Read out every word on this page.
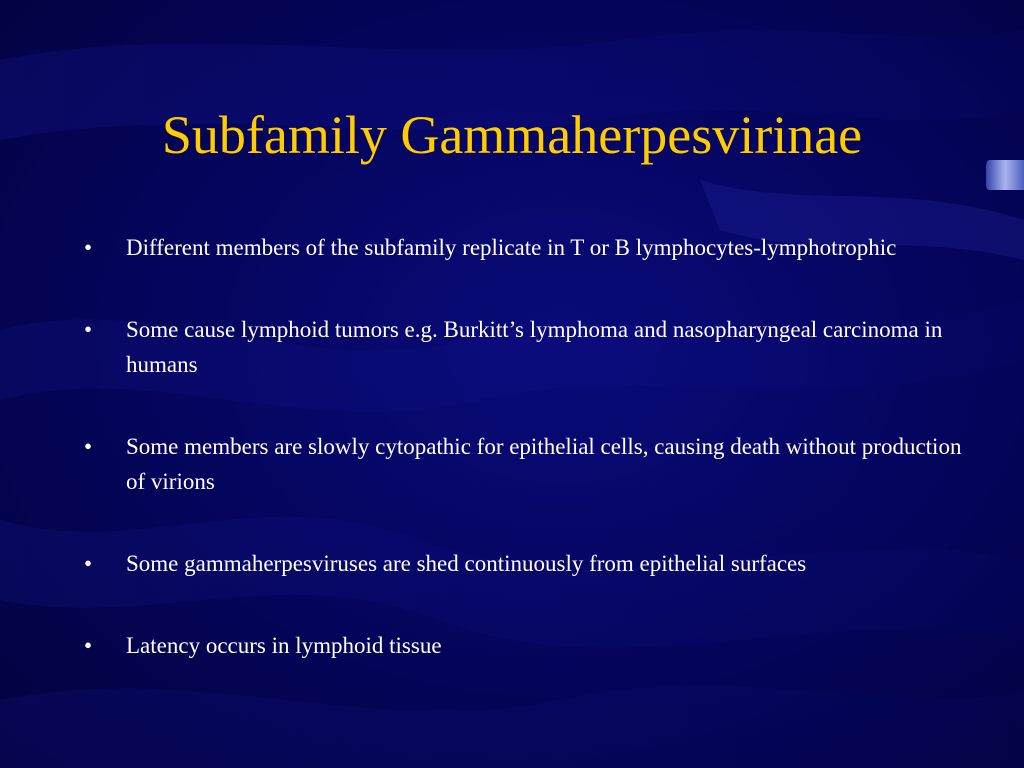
Subfamily Gammaherpesvirinae
•	Different members of the subfamily replicate in T or B lymphocytes-lymphotrophic
•	Some cause lymphoid tumors e.g. Burkitt’s lymphoma and nasopharyngeal carcinoma in humans
•	Some members are slowly cytopathic for epithelial cells, causing death without production of virions
•	Some gammaherpesviruses are shed continuously from epithelial surfaces
•	Latency occurs in lymphoid tissue
